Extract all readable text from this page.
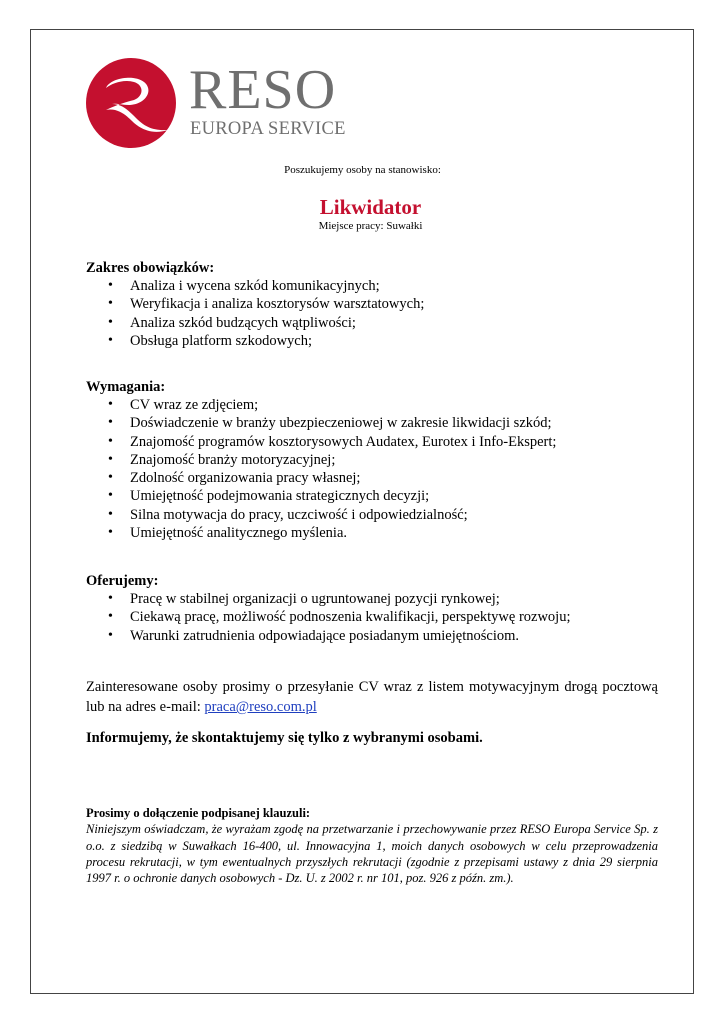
RESO
EUROPA SERVICE
Poszukujemy osoby na stanowisko:
Likwidator
Miejsce pracy: Suwałki

Zakres obowiązków:

• Analiza i wycena szkód komunikacyjnych;
• Weryfikacja i analiza kosztorysów warsztatowych;
• Analiza szkód budzących wątpliwości;
• Obsługa platform szkodowych;

Wymagania:

• CV wraz ze zdjęciem;
• Doświadczenie w branży ubezpieczeniowej w zakresie likwidacji szkód;
• Znajomość programów kosztorysowych Audatex, Eurotex i Info-Ekspert;
• Znajomość branży motoryzacyjnej;
• Zdolność organizowania pracy własnej;
• Umiejętność podejmowania strategicznych decyzji;
• Silna motywacja do pracy, uczciwość i odpowiedzialność;
• Umiejętność analitycznego myślenia.

Oferujemy:

• Pracę w stabilnej organizacji o ugruntowanej pozycji rynkowej;
• Ciekawą pracę, możliwość podnoszenia kwalifikacji, perspektywę rozwoju;
• Warunki zatrudnienia odpowiadające posiadanym umiejętnościom.
Zainteresowane osoby prosimy o przesyłanie CV wraz z listem motywacyjnym drogą pocztową lub na adres e-mail: praca@reso.com.pl
Informujemy, że skontaktujemy się tylko z wybranymi osobami.

Prosimy o dołączenie podpisanej klauzuli:

Niniejszym oświadczam, że wyrażam zgodę na przetwarzanie i przechowywanie przez RESO Europa Service Sp. z o.o. z siedzibą w Suwałkach 16-400, ul. Innowacyjna 1, moich danych osobowych w celu przeprowadzenia procesu rekrutacji, w tym ewentualnych przyszłych rekrutacji (zgodnie z przepisami ustawy z dnia 29 sierpnia 1997 r. o ochronie danych osobowych - Dz. U. z 2002 r. nr 101, poz. 926 z późn. zm.).
